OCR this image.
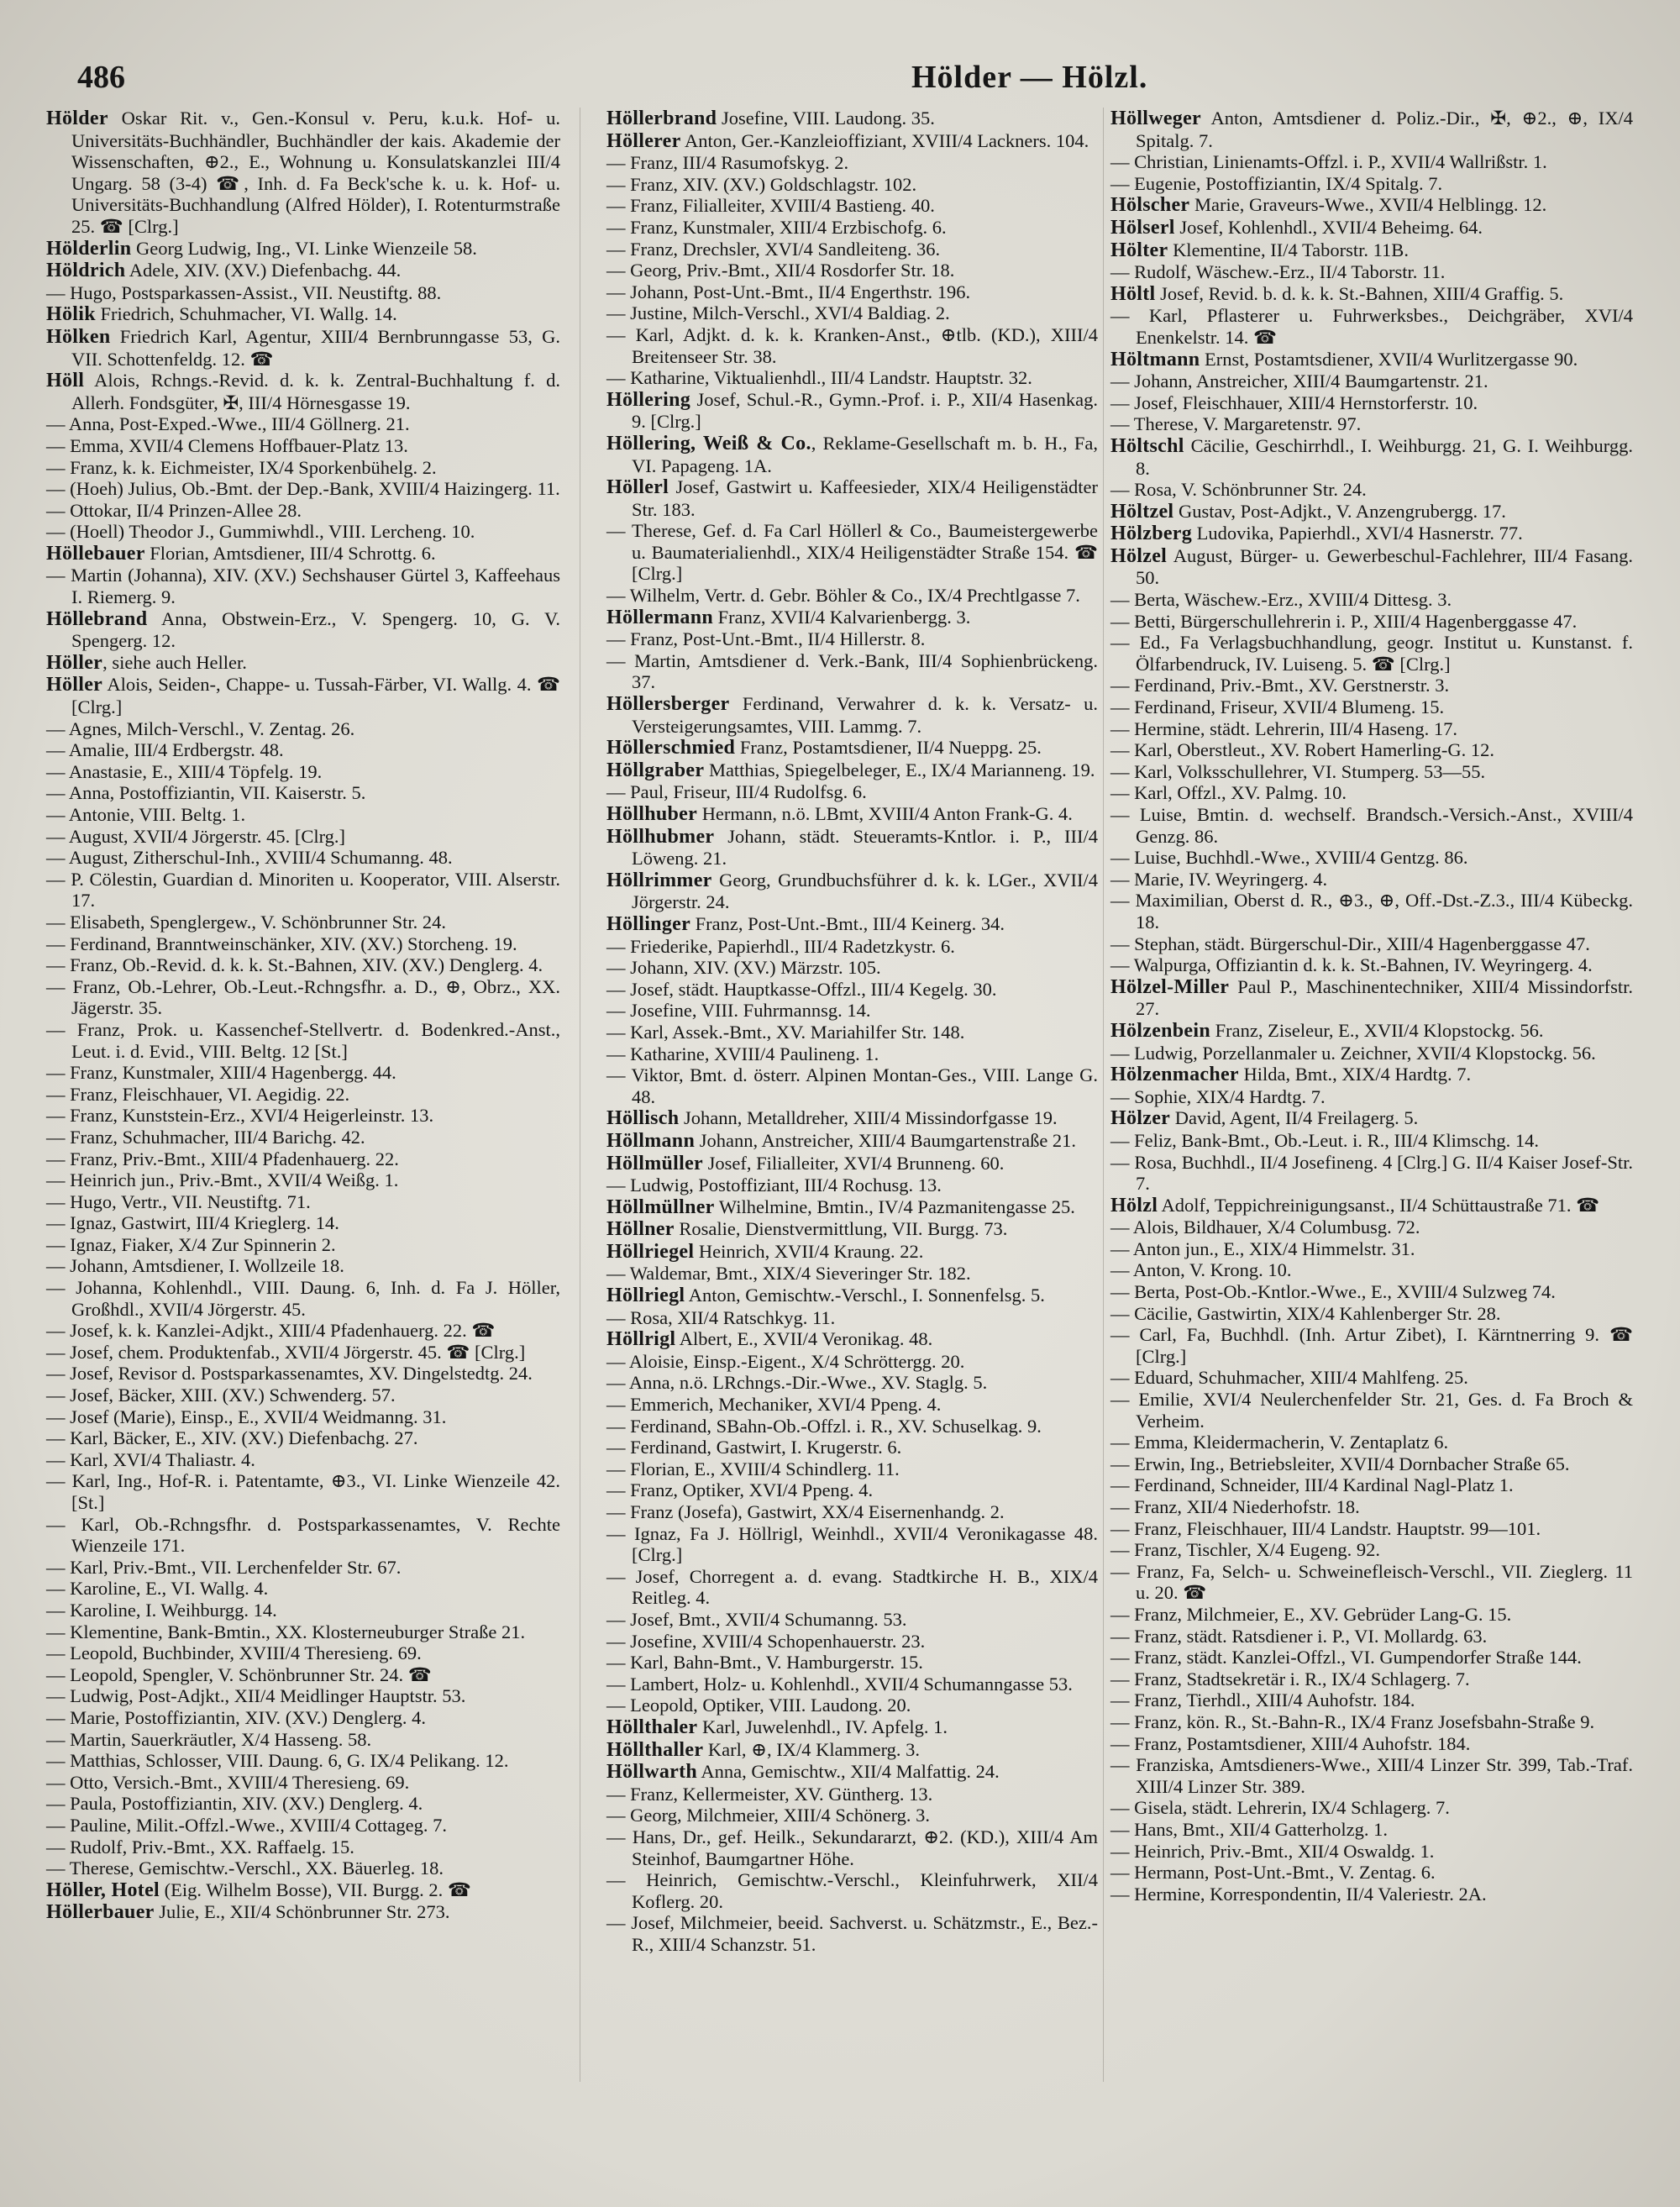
486	Hölder — Hölzl.

Hölder Oskar Rit. v., Gen.-Konsul v. Peru, k.u.k. Hof- u. Universitäts-Buchhändler, Buchhändler der kais. Akademie der Wissenschaften, ⊕2., E., Wohnung u. Konsulatskanzlei III/4 Ungarg. 58 (3-4) ☎, Inh. d. Fa Beck'sche k. u. k. Hof- u. Universitäts-Buchhandlung (Alfred Hölder), I. Rotenturmstraße 25. ☎ [Clrg.]

Hölderlin Georg Ludwig, Ing., VI. Linke Wienzeile 58.

Höldrich Adele, XIV. (XV.) Diefenbachg. 44.

— Hugo, Postsparkassen-Assist., VII. Neustiftg. 88.

Hölik Friedrich, Schuhmacher, VI. Wallg. 14.

Hölken Friedrich Karl, Agentur, XIII/4 Bernbrunngasse 53, G. VII. Schottenfeldg. 12. ☎

Höll Alois, Rchngs.-Revid. d. k. k. Zentral-Buchhaltung f. d. Allerh. Fondsgüter, ✠, III/4 Hörnesgasse 19.

— Anna, Post-Exped.-Wwe., III/4 Göllnerg. 21.

— Emma, XVII/4 Clemens Hoffbauer-Platz 13.

— Franz, k. k. Eichmeister, IX/4 Sporkenbühelg. 2.

— (Hoeh) Julius, Ob.-Bmt. der Dep.-Bank, XVIII/4 Haizingerg. 11.

— Ottokar, II/4 Prinzen-Allee 28.

— (Hoell) Theodor J., Gummiwhdl., VIII. Lercheng. 10.

Höllebauer Florian, Amtsdiener, III/4 Schrottg. 6.

— Martin (Johanna), XIV. (XV.) Sechshauser Gürtel 3, Kaffeehaus I. Riemerg. 9.

Höllebrand Anna, Obstwein-Erz., V. Spengerg. 10, G. V. Spengerg. 12.

Höller, siehe auch Heller.

Höller Alois, Seiden-, Chappe- u. Tussah-Färber, VI. Wallg. 4. ☎ [Clrg.]

— Agnes, Milch-Verschl., V. Zentag. 26.

— Amalie, III/4 Erdbergstr. 48.

— Anastasie, E., XIII/4 Töpfelg. 19.

— Anna, Postoffiziantin, VII. Kaiserstr. 5.

— Antonie, VIII. Beltg. 1.

— August, XVII/4 Jörgerstr. 45. [Clrg.]

— August, Zitherschul-Inh., XVIII/4 Schumanng. 48.

— P. Cölestin, Guardian d. Minoriten u. Kooperator, VIII. Alserstr. 17.

— Elisabeth, Spenglergew., V. Schönbrunner Str. 24.

— Ferdinand, Branntweinschänker, XIV. (XV.) Storcheng. 19.

— Franz, Ob.-Revid. d. k. k. St.-Bahnen, XIV. (XV.) Denglerg. 4.

— Franz, Ob.-Lehrer, Ob.-Leut.-Rchngsfhr. a. D., ⊕, Obrz., XX. Jägerstr. 35.

— Franz, Prok. u. Kassenchef-Stellvertr. d. Bodenkred.-Anst., Leut. i. d. Evid., VIII. Beltg. 12 [St.]

— Franz, Kunstmaler, XIII/4 Hagenbergg. 44.

— Franz, Fleischhauer, VI. Aegidig. 22.

— Franz, Kunststein-Erz., XVI/4 Heigerleinstr. 13.

— Franz, Schuhmacher, III/4 Barichg. 42.

— Franz, Priv.-Bmt., XIII/4 Pfadenhauerg. 22.

— Heinrich jun., Priv.-Bmt., XVII/4 Weißg. 1.

— Hugo, Vertr., VII. Neustiftg. 71.

— Ignaz, Gastwirt, III/4 Krieglerg. 14.

— Ignaz, Fiaker, X/4 Zur Spinnerin 2.

— Johann, Amtsdiener, I. Wollzeile 18.

— Johanna, Kohlenhdl., VIII. Daung. 6, Inh. d. Fa J. Höller, Großhdl., XVII/4 Jörgerstr. 45.

— Josef, k. k. Kanzlei-Adjkt., XIII/4 Pfadenhauerg. 22. ☎

— Josef, chem. Produktenfab., XVII/4 Jörgerstr. 45. ☎ [Clrg.]

— Josef, Revisor d. Postsparkassenamtes, XV. Dingelstedtg. 24.

— Josef, Bäcker, XIII. (XV.) Schwenderg. 57.

— Josef (Marie), Einsp., E., XVII/4 Weidmanng. 31.

— Karl, Bäcker, E., XIV. (XV.) Diefenbachg. 27.

— Karl, XVI/4 Thaliastr. 4.

— Karl, Ing., Hof-R. i. Patentamte, ⊕3., VI. Linke Wienzeile 42. [St.]

— Karl, Ob.-Rchngsfhr. d. Postsparkassenamtes, V. Rechte Wienzeile 171.

— Karl, Priv.-Bmt., VII. Lerchenfelder Str. 67.

— Karoline, E., VI. Wallg. 4.

— Karoline, I. Weihburgg. 14.

— Klementine, Bank-Bmtin., XX. Klosterneuburger Straße 21.

— Leopold, Buchbinder, XVIII/4 Theresieng. 69.

— Leopold, Spengler, V. Schönbrunner Str. 24. ☎

— Ludwig, Post-Adjkt., XII/4 Meidlinger Hauptstr. 53.

— Marie, Postoffiziantin, XIV. (XV.) Denglerg. 4.

— Martin, Sauerkräutler, X/4 Hasseng. 58.

— Matthias, Schlosser, VIII. Daung. 6, G. IX/4 Pelikang. 12.

— Otto, Versich.-Bmt., XVIII/4 Theresieng. 69.

— Paula, Postoffiziantin, XIV. (XV.) Denglerg. 4.

— Pauline, Milit.-Offzl.-Wwe., XVIII/4 Cottageg. 7.

— Rudolf, Priv.-Bmt., XX. Raffaelg. 15.

— Therese, Gemischtw.-Verschl., XX. Bäuerleg. 18.

Höller, Hotel (Eig. Wilhelm Bosse), VII. Burgg. 2. ☎

Höllerbauer Julie, E., XII/4 Schönbrunner Str. 273.

Höllerbrand Josefine, VIII. Laudong. 35.

Höllerer Anton, Ger.-Kanzleioffiziant, XVIII/4 Lackners. 104.

— Franz, III/4 Rasumofskyg. 2.

— Franz, XIV. (XV.) Goldschlagstr. 102.

— Franz, Filialleiter, XVIII/4 Bastieng. 40.

— Franz, Kunstmaler, XIII/4 Erzbischofg. 6.

— Franz, Drechsler, XVI/4 Sandleiteng. 36.

— Georg, Priv.-Bmt., XII/4 Rosdorfer Str. 18.

— Johann, Post-Unt.-Bmt., II/4 Engerthstr. 196.

— Justine, Milch-Verschl., XVI/4 Baldiag. 2.

— Karl, Adjkt. d. k. k. Kranken-Anst., ⊕tlb. (KD.), XIII/4 Breitenseer Str. 38.

— Katharine, Viktualienhdl., III/4 Landstr. Hauptstr. 32.

Höllering Josef, Schul.-R., Gymn.-Prof. i. P., XII/4 Hasenkag. 9. [Clrg.]

Höllering, Weiß & Co., Reklame-Gesellschaft m. b. H., Fa, VI. Papageng. 1A.

Höllerl Josef, Gastwirt u. Kaffeesieder, XIX/4 Heiligenstädter Str. 183.

— Therese, Gef. d. Fa Carl Höllerl & Co., Baumeistergewerbe u. Baumaterialienhdl., XIX/4 Heiligenstädter Straße 154. ☎ [Clrg.]

— Wilhelm, Vertr. d. Gebr. Böhler & Co., IX/4 Prechtlgasse 7.

Höllermann Franz, XVII/4 Kalvarienbergg. 3.

— Franz, Post-Unt.-Bmt., II/4 Hillerstr. 8.

— Martin, Amtsdiener d. Verk.-Bank, III/4 Sophienbrückeng. 37.

Höllersberger Ferdinand, Verwahrer d. k. k. Versatz- u. Versteigerungsamtes, VIII. Lammg. 7.

Höllerschmied Franz, Postamtsdiener, II/4 Nueppg. 25.

Höllgraber Matthias, Spiegelbeleger, E., IX/4 Marianneng. 19.

— Paul, Friseur, III/4 Rudolfsg. 6.

Höllhuber Hermann, n.ö. LBmt, XVIII/4 Anton Frank-G. 4.

Höllhubmer Johann, städt. Steueramts-Kntlor. i. P., III/4 Löweng. 21.

Höllrimmer Georg, Grundbuchsführer d. k. k. LGer., XVII/4 Jörgerstr. 24.

Höllinger Franz, Post-Unt.-Bmt., III/4 Keinerg. 34.

— Friederike, Papierhdl., III/4 Radetzkystr. 6.

— Johann, XIV. (XV.) Märzstr. 105.

— Josef, städt. Hauptkasse-Offzl., III/4 Kegelg. 30.

— Josefine, VIII. Fuhrmannsg. 14.

— Karl, Assek.-Bmt., XV. Mariahilfer Str. 148.

— Katharine, XVIII/4 Paulineng. 1.

— Viktor, Bmt. d. österr. Alpinen Montan-Ges., VIII. Lange G. 48.

Höllisch Johann, Metalldreher, XIII/4 Missindorfgasse 19.

Höllmann Johann, Anstreicher, XIII/4 Baumgartenstraße 21.

Höllmüller Josef, Filialleiter, XVI/4 Brunneng. 60.

— Ludwig, Postoffiziant, III/4 Rochusg. 13.

Höllmüllner Wilhelmine, Bmtin., IV/4 Pazmanitengasse 25.

Höllner Rosalie, Dienstvermittlung, VII. Burgg. 73.

Höllriegel Heinrich, XVII/4 Kraung. 22.

— Waldemar, Bmt., XIX/4 Sieveringer Str. 182.

Höllriegl Anton, Gemischtw.-Verschl., I. Sonnenfelsg. 5.

— Rosa, XII/4 Ratschkyg. 11.

Höllrigl Albert, E., XVII/4 Veronikag. 48.

— Aloisie, Einsp.-Eigent., X/4 Schröttergg. 20.

— Anna, n.ö. LRchngs.-Dir.-Wwe., XV. Staglg. 5.

— Emmerich, Mechaniker, XVI/4 Ppeng. 4.

— Ferdinand, SBahn-Ob.-Offzl. i. R., XV. Schuselkag. 9.

— Ferdinand, Gastwirt, I. Krugerstr. 6.

— Florian, E., XVIII/4 Schindlerg. 11.

— Franz, Optiker, XVI/4 Ppeng. 4.

— Franz (Josefa), Gastwirt, XX/4 Eisernenhandg. 2.

— Ignaz, Fa J. Höllrigl, Weinhdl., XVII/4 Veronikagasse 48. [Clrg.]

— Josef, Chorregent a. d. evang. Stadtkirche H. B., XIX/4 Reitleg. 4.

— Josef, Bmt., XVII/4 Schumanng. 53.

— Josefine, XVIII/4 Schopenhauerstr. 23.

— Karl, Bahn-Bmt., V. Hamburgerstr. 15.

— Lambert, Holz- u. Kohlenhdl., XVII/4 Schumanngasse 53.

— Leopold, Optiker, VIII. Laudong. 20.

Höllthaler Karl, Juwelenhdl., IV. Apfelg. 1.

Höllthaller Karl, ⊕, IX/4 Klammerg. 3.

Höllwarth Anna, Gemischtw., XII/4 Malfattig. 24.

— Franz, Kellermeister, XV. Güntherg. 13.

— Georg, Milchmeier, XIII/4 Schönerg. 3.

— Hans, Dr., gef. Heilk., Sekundararzt, ⊕2. (KD.), XIII/4 Am Steinhof, Baumgartner Höhe.

— Heinrich, Gemischtw.-Verschl., Kleinfuhrwerk, XII/4 Koflerg. 20.

— Josef, Milchmeier, beeid. Sachverst. u. Schätzmstr., E., Bez.-R., XIII/4 Schanzstr. 51.

Höllweger Anton, Amtsdiener d. Poliz.-Dir., ✠, ⊕2., ⊕, IX/4 Spitalg. 7.

— Christian, Linienamts-Offzl. i. P., XVII/4 Wallrißstr. 1.

— Eugenie, Postoffiziantin, IX/4 Spitalg. 7.

Hölscher Marie, Graveurs-Wwe., XVII/4 Helblingg. 12.

Hölserl Josef, Kohlenhdl., XVII/4 Beheimg. 64.

Hölter Klementine, II/4 Taborstr. 11B.

— Rudolf, Wäschew.-Erz., II/4 Taborstr. 11.

Höltl Josef, Revid. b. d. k. k. St.-Bahnen, XIII/4 Graffig. 5.

— Karl, Pflasterer u. Fuhrwerksbes., Deichgräber, XVI/4 Enenkelstr. 14. ☎

Höltmann Ernst, Postamtsdiener, XVII/4 Wurlitzergasse 90.

— Johann, Anstreicher, XIII/4 Baumgartenstr. 21.

— Josef, Fleischhauer, XIII/4 Hernstorferstr. 10.

— Therese, V. Margaretenstr. 97.

Höltschl Cäcilie, Geschirrhdl., I. Weihburgg. 21, G. I. Weihburgg. 8.

— Rosa, V. Schönbrunner Str. 24.

Höltzel Gustav, Post-Adjkt., V. Anzengrubergg. 17.

Hölzberg Ludovika, Papierhdl., XVI/4 Hasnerstr. 77.

Hölzel August, Bürger- u. Gewerbeschul-Fachlehrer, III/4 Fasang. 50.

— Berta, Wäschew.-Erz., XVIII/4 Dittesg. 3.

— Betti, Bürgerschullehrerin i. P., XIII/4 Hagenberggasse 47.

— Ed., Fa Verlagsbuchhandlung, geogr. Institut u. Kunstanst. f. Ölfarbendruck, IV. Luiseng. 5. ☎ [Clrg.]

— Ferdinand, Priv.-Bmt., XV. Gerstnerstr. 3.

— Ferdinand, Friseur, XVII/4 Blumeng. 15.

— Hermine, städt. Lehrerin, III/4 Haseng. 17.

— Karl, Oberstleut., XV. Robert Hamerling-G. 12.

— Karl, Volksschullehrer, VI. Stumperg. 53—55.

— Karl, Offzl., XV. Palmg. 10.

— Luise, Bmtin. d. wechself. Brandsch.-Versich.-Anst., XVIII/4 Genzg. 86.

— Luise, Buchhdl.-Wwe., XVIII/4 Gentzg. 86.

— Marie, IV. Weyringerg. 4.

— Maximilian, Oberst d. R., ⊕3., ⊕, Off.-Dst.-Z.3., III/4 Kübeckg. 18.

— Stephan, städt. Bürgerschul-Dir., XIII/4 Hagenberggasse 47.

— Walpurga, Offiziantin d. k. k. St.-Bahnen, IV. Weyringerg. 4.

Hölzel-Miller Paul P., Maschinentechniker, XIII/4 Missindorfstr. 27.

Hölzenbein Franz, Ziseleur, E., XVII/4 Klopstockg. 56.

— Ludwig, Porzellanmaler u. Zeichner, XVII/4 Klopstockg. 56.

Hölzenmacher Hilda, Bmt., XIX/4 Hardtg. 7.

— Sophie, XIX/4 Hardtg. 7.

Hölzer David, Agent, II/4 Freilagerg. 5.

— Feliz, Bank-Bmt., Ob.-Leut. i. R., III/4 Klimschg. 14.

— Rosa, Buchhdl., II/4 Josefineng. 4 [Clrg.] G. II/4 Kaiser Josef-Str. 7.

Hölzl Adolf, Teppichreinigungsanst., II/4 Schüttaustraße 71. ☎

— Alois, Bildhauer, X/4 Columbusg. 72.

— Anton jun., E., XIX/4 Himmelstr. 31.

— Anton, V. Krong. 10.

— Berta, Post-Ob.-Kntlor.-Wwe., E., XVIII/4 Sulzweg 74.

— Cäcilie, Gastwirtin, XIX/4 Kahlenberger Str. 28.

— Carl, Fa, Buchhdl. (Inh. Artur Zibet), I. Kärntnerring 9. ☎ [Clrg.]

— Eduard, Schuhmacher, XIII/4 Mahlfeng. 25.

— Emilie, XVI/4 Neulerchenfelder Str. 21, Ges. d. Fa Broch & Verheim.

— Emma, Kleidermacherin, V. Zentaplatz 6.

— Erwin, Ing., Betriebsleiter, XVII/4 Dornbacher Straße 65.

— Ferdinand, Schneider, III/4 Kardinal Nagl-Platz 1.

— Franz, XII/4 Niederhofstr. 18.

— Franz, Fleischhauer, III/4 Landstr. Hauptstr. 99—101.

— Franz, Tischler, X/4 Eugeng. 92.

— Franz, Fa, Selch- u. Schweinefleisch-Verschl., VII. Zieglerg. 11 u. 20. ☎

— Franz, Milchmeier, E., XV. Gebrüder Lang-G. 15.

— Franz, städt. Ratsdiener i. P., VI. Mollardg. 63.

— Franz, städt. Kanzlei-Offzl., VI. Gumpendorfer Straße 144.

— Franz, Stadtsekretär i. R., IX/4 Schlagerg. 7.

— Franz, Tierhdl., XIII/4 Auhofstr. 184.

— Franz, kön. R., St.-Bahn-R., IX/4 Franz Josefsbahn-Straße 9.

— Franz, Postamtsdiener, XIII/4 Auhofstr. 184.

— Franziska, Amtsdieners-Wwe., XIII/4 Linzer Str. 399, Tab.-Traf. XIII/4 Linzer Str. 389.

— Gisela, städt. Lehrerin, IX/4 Schlagerg. 7.

— Hans, Bmt., XII/4 Gatterholzg. 1.

— Heinrich, Priv.-Bmt., XII/4 Oswaldg. 1.

— Hermann, Post-Unt.-Bmt., V. Zentag. 6.

— Hermine, Korrespondentin, II/4 Valeriestr. 2A.
